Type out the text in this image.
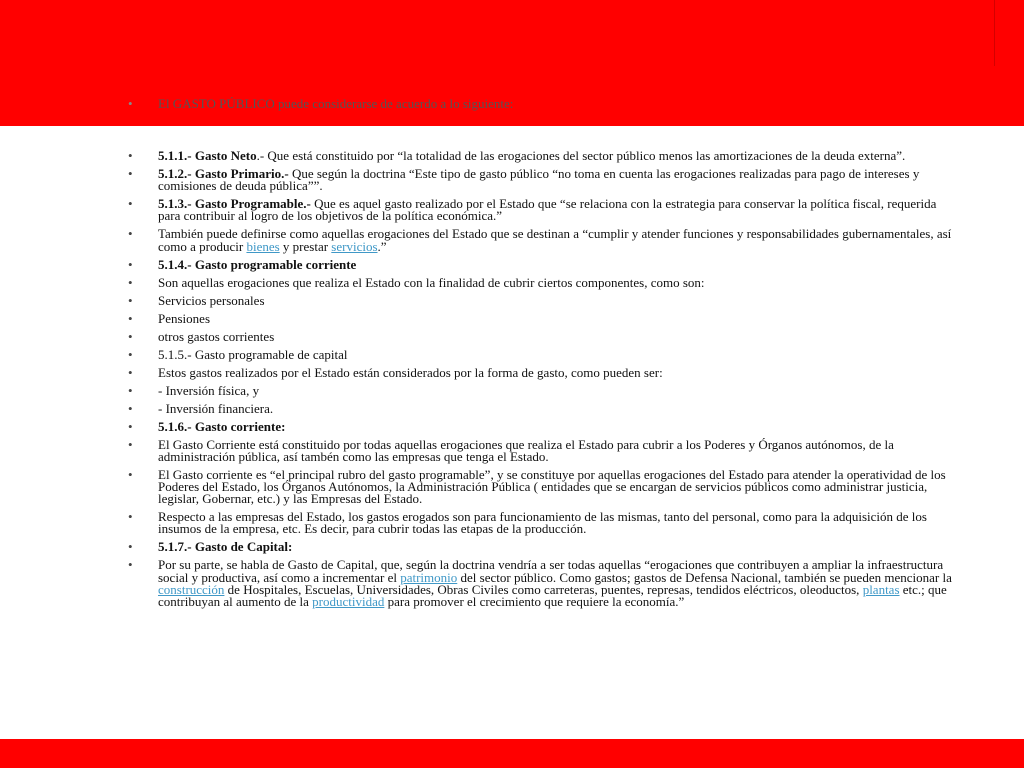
• El GASTO PÚBLICO puede considerarse de acuerdo a lo siguiente:
• 5.1.1.- Gasto Neto.- Que está constituido por “la totalidad de las erogaciones del sector público menos las amortizaciones de la deuda externa”.
• 5.1.2.- Gasto Primario.- Que según la doctrina “Este tipo de gasto público “no toma en cuenta las erogaciones realizadas para pago de intereses y comisiones de deuda pública””.
• 5.1.3.- Gasto Programable.- Que es aquel gasto realizado por el Estado que “se relaciona con la estrategia para conservar la política fiscal, requerida para contribuir al logro de los objetivos de la política económica.”
• También puede definirse como aquellas erogaciones del Estado que se destinan a “cumplir y atender funciones y responsabilidades gubernamentales, así como a producir bienes y prestar servicios.”
• 5.1.4.- Gasto programable corriente
• Son aquellas erogaciones que realiza el Estado con la finalidad de cubrir ciertos componentes, como son:
• Servicios personales
• Pensiones
• otros gastos corrientes
• 5.1.5.- Gasto programable de capital
• Estos gastos realizados por el Estado están considerados por la forma de gasto, como pueden ser:
• - Inversión física, y
• - Inversión financiera.
• 5.1.6.- Gasto corriente:
• El Gasto Corriente está constituido por todas aquellas erogaciones que realiza el Estado para cubrir a los Poderes y Órganos autónomos, de la administración pública, así tambén como las empresas que tenga el Estado.
• El Gasto corriente es “el principal rubro del gasto programable”, y se constituye por aquellas erogaciones del Estado para atender la operatividad de los Poderes del Estado, los Órganos Autónomos, la Administración Pública ( entidades que se encargan de servicios públicos como administrar justicia, legislar, Gobernar, etc.) y las Empresas del Estado.
• Respecto a las empresas del Estado, los gastos erogados son para funcionamiento de las mismas, tanto del personal, como para la adquisición de los insumos de la empresa, etc. Es decir, para cubrir todas las etapas de la producción.
• 5.1.7.- Gasto de Capital:
• Por su parte, se habla de Gasto de Capital, que, según la doctrina vendría a ser todas aquellas “erogaciones que contribuyen a ampliar la infraestructura social y productiva, así como a incrementar el patrimonio del sector público. Como gastos; gastos de Defensa Nacional, también se pueden mencionar la construcción de Hospitales, Escuelas, Universidades, Obras Civiles como carreteras, puentes, represas, tendidos eléctricos, oleoductos, plantas etc.; que contribuyan al aumento de la productividad para promover el crecimiento que requiere la economía.”
